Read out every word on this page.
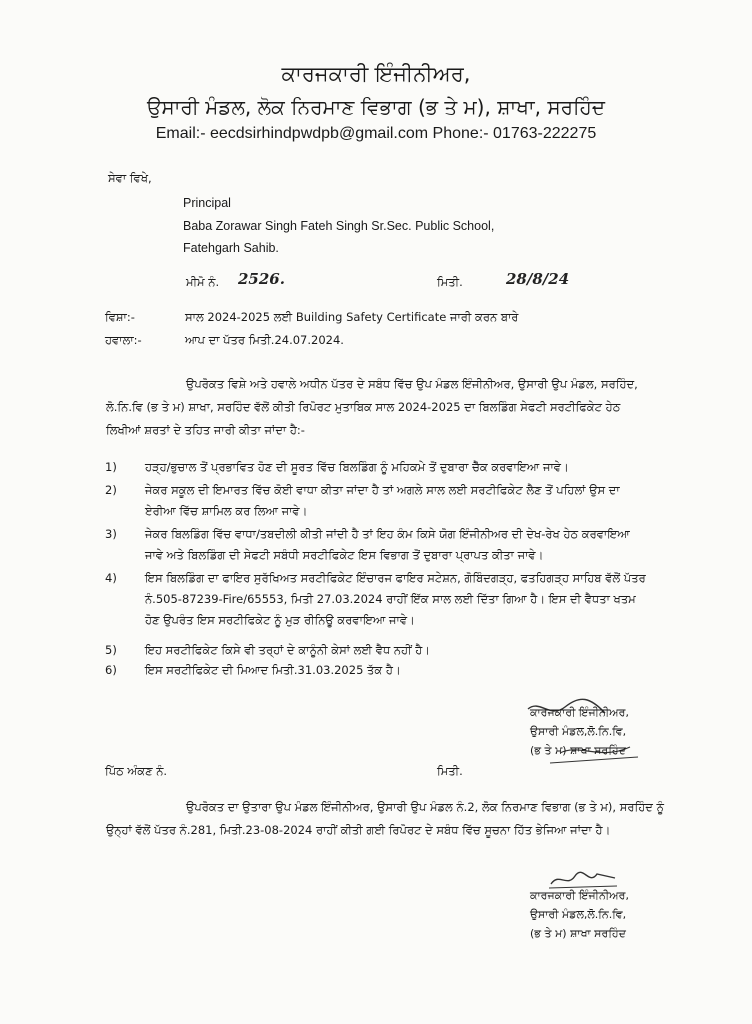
ਕਾਰਜਕਾਰੀ ਇੰਜੀਨੀਅਰ,
ਉਸਾਰੀ ਮੰਡਲ, ਲੋਕ ਨਿਰਮਾਣ ਵਿਭਾਗ (ਭ ਤੇ ਮ), ਸ਼ਾਖਾ, ਸਰਹਿੰਦ
Email:- eecdsirhindpwdpb@gmail.com Phone:- 01763-222275
ਸੇਵਾ ਵਿਖੇ,
Principal
Baba Zorawar Singh Fateh Singh Sr.Sec. Public School,
Fatehgarh Sahib.
ਮੀਮੋ ਨੰ. 2526.	ਮਿਤੀ.	28/8/24
ਵਿਸ਼ਾ:-	ਸਾਲ 2024-2025 ਲਈ Building Safety Certificate ਜਾਰੀ ਕਰਨ ਬਾਰੇ
ਹਵਾਲਾ:-	ਆਪ ਦਾ ਪੱਤਰ ਮਿਤੀ.24.07.2024.
ਉਪਰੋਕਤ ਵਿਸ਼ੇ ਅਤੇ ਹਵਾਲੇ ਅਧੀਨ ਪੱਤਰ ਦੇ ਸਬੰਧ ਵਿੱਚ ਉਪ ਮੰਡਲ ਇੰਜੀਨੀਅਰ, ਉਸਾਰੀ ਉਪ ਮੰਡਲ, ਸਰਹਿੰਦ,
ਲੋ.ਨਿ.ਵਿ (ਭ ਤੇ ਮ) ਸ਼ਾਖਾ, ਸਰਹਿੰਦ ਵੱਲੋਂ ਕੀਤੀ ਰਿਪੋਰਟ ਮੁਤਾਬਿਕ ਸਾਲ 2024-2025 ਦਾ ਬਿਲਡਿੰਗ ਸੇਫਟੀ ਸਰਟੀਫਿਕੇਟ ਹੇਠ
ਲਿਖੀਆਂ ਸ਼ਰਤਾਂ ਦੇ ਤਹਿਤ ਜਾਰੀ ਕੀਤਾ ਜਾਂਦਾ ਹੈ:-
1)	ਹੜ੍ਹ/ਭੁਚਾਲ ਤੋਂ ਪ੍ਰਭਾਵਿਤ ਹੋਣ ਦੀ ਸੂਰਤ ਵਿੱਚ ਬਿਲਡਿੰਗ ਨੂੰ ਮਹਿਕਮੇ ਤੋਂ ਦੁਬਾਰਾ ਚੈੱਕ ਕਰਵਾਇਆ ਜਾਵੇ।
2)	ਜੇਕਰ ਸਕੂਲ ਦੀ ਇਮਾਰਤ ਵਿੱਚ ਕੋਈ ਵਾਧਾ ਕੀਤਾ ਜਾਂਦਾ ਹੈ ਤਾਂ ਅਗਲੇ ਸਾਲ ਲਈ ਸਰਟੀਫਿਕੇਟ ਲੈਣ ਤੋਂ ਪਹਿਲਾਂ ਉਸ ਦਾ
ਏਰੀਆ ਵਿੱਚ ਸ਼ਾਮਿਲ ਕਰ ਲਿਆ ਜਾਵੇ।
3)	ਜੇਕਰ ਬਿਲਡਿੰਗ ਵਿੱਚ ਵਾਧਾ/ਤਬਦੀਲੀ ਕੀਤੀ ਜਾਂਦੀ ਹੈ ਤਾਂ ਇਹ ਕੰਮ ਕਿਸੇ ਯੋਗ ਇੰਜੀਨੀਅਰ ਦੀ ਦੇਖ-ਰੇਖ ਹੇਠ ਕਰਵਾਇਆ
ਜਾਵੇ ਅਤੇ ਬਿਲਡਿੰਗ ਦੀ ਸੇਫਟੀ ਸਬੰਧੀ ਸਰਟੀਫਿਕੇਟ ਇਸ ਵਿਭਾਗ ਤੋਂ ਦੁਬਾਰਾ ਪ੍ਰਾਪਤ ਕੀਤਾ ਜਾਵੇ।
4)	ਇਸ ਬਿਲਡਿੰਗ ਦਾ ਫਾਇਰ ਸੁਰੱਖਿਅਤ ਸਰਟੀਫਿਕੇਟ ਇੰਚਾਰਜ ਫਾਇਰ ਸਟੇਸ਼ਨ, ਗੋਬਿੰਦਗੜ੍ਹ, ਫਤਹਿਗੜ੍ਹ ਸਾਹਿਬ ਵੱਲੋਂ ਪੱਤਰ
ਨੰ.505-87239-Fire/65553, ਮਿਤੀ 27.03.2024 ਰਾਹੀਂ ਇੱਕ ਸਾਲ ਲਈ ਦਿੱਤਾ ਗਿਆ ਹੈ। ਇਸ ਦੀ ਵੈਧਤਾ ਖਤਮ
ਹੋਣ ਉਪਰੰਤ ਇਸ ਸਰਟੀਫਿਕੇਟ ਨੂੰ ਮੁੜ ਰੀਨਿਊ ਕਰਵਾਇਆ ਜਾਵੇ।
5)	ਇਹ ਸਰਟੀਫਿਕੇਟ ਕਿਸੇ ਵੀ ਤਰ੍ਹਾਂ ਦੇ ਕਾਨੂੰਨੀ ਕੇਸਾਂ ਲਈ ਵੈਧ ਨਹੀਂ ਹੈ।
6)	ਇਸ ਸਰਟੀਫਿਕੇਟ ਦੀ ਮਿਆਦ ਮਿਤੀ.31.03.2025 ਤੱਕ ਹੈ।
ਕਾਰਜਕਾਰੀ ਇੰਜੀਨੀਅਰ,
ਉਸਾਰੀ ਮੰਡਲ,ਲੋ.ਨਿ.ਵਿ,
(ਭ ਤੇ ਮ) ਸ਼ਾਖਾ ਸਰਹਿੰਦ
ਪਿੱਠ ਅੰਕਣ ਨੰ.	ਮਿਤੀ.
ਉਪਰੋਕਤ ਦਾ ਉਤਾਰਾ ਉਪ ਮੰਡਲ ਇੰਜੀਨੀਅਰ, ਉਸਾਰੀ ਉਪ ਮੰਡਲ ਨੰ.2, ਲੋਕ ਨਿਰਮਾਣ ਵਿਭਾਗ (ਭ ਤੇ ਮ), ਸਰਹਿੰਦ ਨੂੰ
ਉਨ੍ਹਾਂ ਵੱਲੋਂ ਪੱਤਰ ਨੰ.281, ਮਿਤੀ.23-08-2024 ਰਾਹੀਂ ਕੀਤੀ ਗਈ ਰਿਪੋਰਟ ਦੇ ਸਬੰਧ ਵਿੱਚ ਸੂਚਨਾ ਹਿੱਤ ਭੇਜਿਆ ਜਾਂਦਾ ਹੈ।
ਕਾਰਜਕਾਰੀ ਇੰਜੀਨੀਅਰ,
ਉਸਾਰੀ ਮੰਡਲ,ਲੋ.ਨਿ.ਵਿ,
(ਭ ਤੇ ਮ) ਸ਼ਾਖਾ ਸਰਹਿੰਦ
